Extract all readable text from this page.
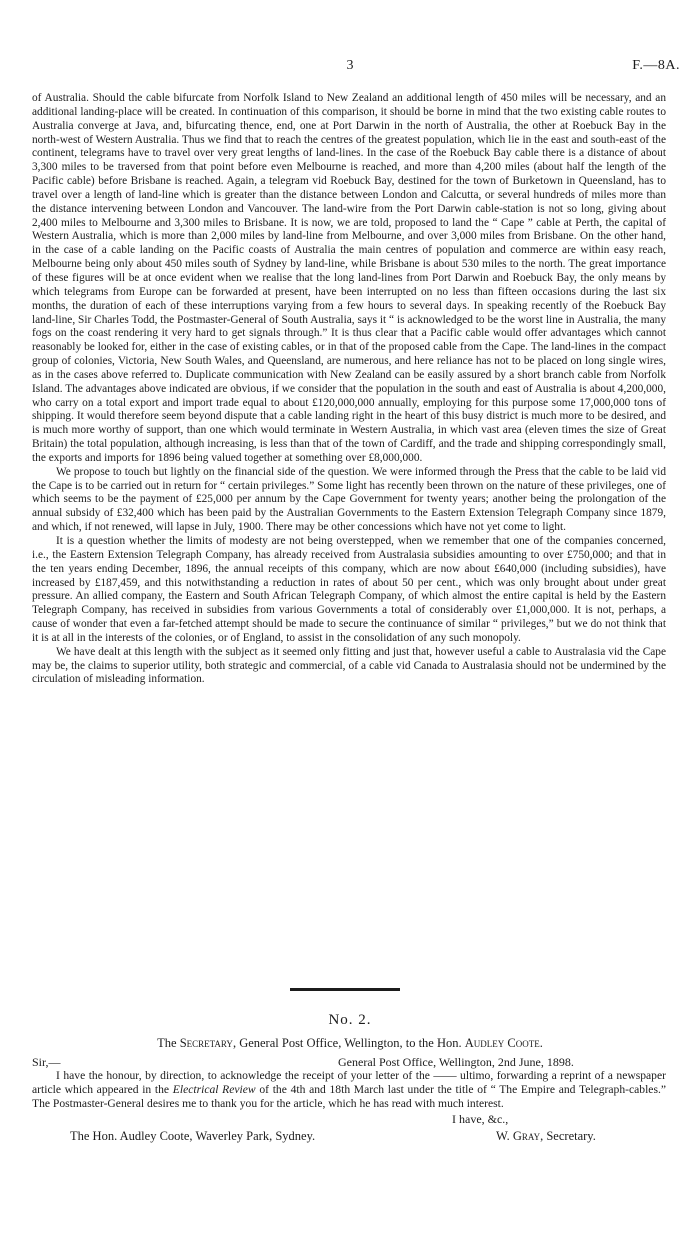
3	F.—8A.

of Australia. Should the cable bifurcate from Norfolk Island to New Zealand an additional length of 450 miles will be necessary, and an additional landing-place will be created. In continuation of this comparison, it should be borne in mind that the two existing cable routes to Australia converge at Java, and, bifurcating thence, end, one at Port Darwin in the north of Australia, the other at Roebuck Bay in the north-west of Western Australia. Thus we find that to reach the centres of the greatest population, which lie in the east and south-east of the continent, telegrams have to travel over very great lengths of land-lines. In the case of the Roebuck Bay cable there is a distance of about 3,300 miles to be traversed from that point before even Melbourne is reached, and more than 4,200 miles (about half the length of the Pacific cable) before Brisbane is reached. Again, a telegram vid Roebuck Bay, destined for the town of Burketown in Queensland, has to travel over a length of land-line which is greater than the distance between London and Calcutta, or several hundreds of miles more than the distance intervening between London and Vancouver. The land-wire from the Port Darwin cable-station is not so long, giving about 2,400 miles to Melbourne and 3,300 miles to Brisbane. It is now, we are told, proposed to land the “ Cape ” cable at Perth, the capital of Western Australia, which is more than 2,000 miles by land-line from Melbourne, and over 3,000 miles from Brisbane. On the other hand, in the case of a cable landing on the Pacific coasts of Australia the main centres of population and commerce are within easy reach, Melbourne being only about 450 miles south of Sydney by land-line, while Brisbane is about 530 miles to the north. The great importance of these figures will be at once evident when we realise that the long land-lines from Port Darwin and Roebuck Bay, the only means by which telegrams from Europe can be forwarded at present, have been interrupted on no less than fifteen occasions during the last six months, the duration of each of these interruptions varying from a few hours to several days. In speaking recently of the Roebuck Bay land-line, Sir Charles Todd, the Postmaster-General of South Australia, says it “ is acknowledged to be the worst line in Australia, the many fogs on the coast rendering it very hard to get signals through.” It is thus clear that a Pacific cable would offer advantages which cannot reasonably be looked for, either in the case of existing cables, or in that of the proposed cable from the Cape. The land-lines in the compact group of colonies, Victoria, New South Wales, and Queensland, are numerous, and here reliance has not to be placed on long single wires, as in the cases above referred to. Duplicate communication with New Zealand can be easily assured by a short branch cable from Norfolk Island. The advantages above indicated are obvious, if we consider that the population in the south and east of Australia is about 4,200,000, who carry on a total export and import trade equal to about £120,000,000 annually, employing for this purpose some 17,000,000 tons of shipping. It would therefore seem beyond dispute that a cable landing right in the heart of this busy district is much more to be desired, and is much more worthy of support, than one which would terminate in Western Australia, in which vast area (eleven times the size of Great Britain) the total population, although increasing, is less than that of the town of Cardiff, and the trade and shipping correspondingly small, the exports and imports for 1896 being valued together at something over £8,000,000.

We propose to touch but lightly on the financial side of the question. We were informed through the Press that the cable to be laid vid the Cape is to be carried out in return for “ certain privileges.” Some light has recently been thrown on the nature of these privileges, one of which seems to be the payment of £25,000 per annum by the Cape Government for twenty years; another being the prolongation of the annual subsidy of £32,400 which has been paid by the Australian Governments to the Eastern Extension Telegraph Company since 1879, and which, if not renewed, will lapse in July, 1900. There may be other concessions which have not yet come to light.

It is a question whether the limits of modesty are not being overstepped, when we remember that one of the companies concerned, i.e., the Eastern Extension Telegraph Company, has already received from Australasia subsidies amounting to over £750,000; and that in the ten years ending December, 1896, the annual receipts of this company, which are now about £640,000 (including subsidies), have increased by £187,459, and this notwithstanding a reduction in rates of about 50 per cent., which was only brought about under great pressure. An allied company, the Eastern and South African Telegraph Company, of which almost the entire capital is held by the Eastern Telegraph Company, has received in subsidies from various Governments a total of considerably over £1,000,000. It is not, perhaps, a cause of wonder that even a far-fetched attempt should be made to secure the continuance of similar “ privileges,” but we do not think that it is at all in the interests of the colonies, or of England, to assist in the consolidation of any such monopoly.

We have dealt at this length with the subject as it seemed only fitting and just that, however useful a cable to Australasia vid the Cape may be, the claims to superior utility, both strategic and commercial, of a cable vid Canada to Australasia should not be undermined by the circulation of misleading information.

No. 2.
The Secretary, General Post Office, Wellington, to the Hon. Audley Coote.
Sir,—	General Post Office, Wellington, 2nd June, 1898.

I have the honour, by direction, to acknowledge the receipt of your letter of the —— ultimo, forwarding a reprint of a newspaper article which appeared in the Electrical Review of the 4th and 18th March last under the title of “ The Empire and Telegraph-cables.” The Postmaster-General desires me to thank you for the article, which he has read with much interest.

I have, &c.,
The Hon. Audley Coote, Waverley Park, Sydney.	W. Gray, Secretary.
